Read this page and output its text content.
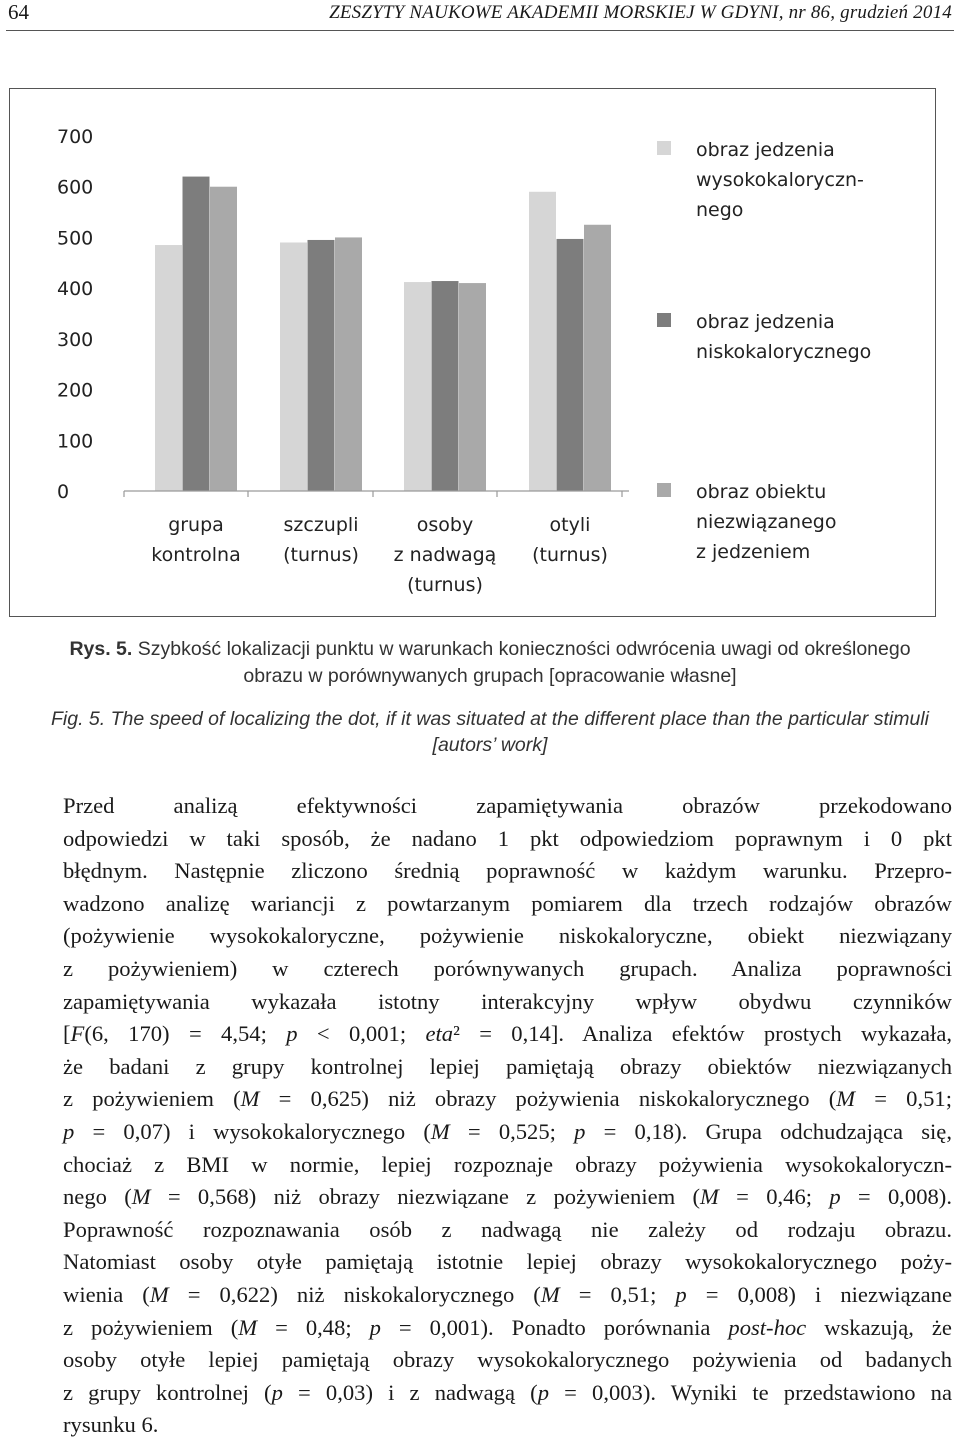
64	ZESZYTY NAUKOWE AKADEMII MORSKIEJ W GDYNI, nr 86, grudzień 2014
0
100
200
300
400
500
600
700
grupa
kontrolna
szczupli
(turnus)
osoby
z nadwagą
(turnus)
otyli
(turnus)
obraz jedzenia
wysokokaloryczn-
nego
obraz jedzenia
niskokalorycznego
obraz obiektu
niezwiązanego
z jedzeniem
Rys. 5. Szybkość lokalizacji punktu w warunkach konieczności odwrócenia uwagi od określonego obrazu w porównywanych grupach [opracowanie własne]
Fig. 5. The speed of localizing the dot, if it was situated at the different place than the particular stimuli [autors’ work]

Przed analizą efektywności zapamiętywania obrazów przekodowano
odpowiedzi w taki sposób, że nadano 1 pkt odpowiedziom poprawnym i 0 pkt
błędnym. Następnie zliczono średnią poprawność w każdym warunku. Przepro-
wadzono analizę wariancji z powtarzanym pomiarem dla trzech rodzajów obrazów
(pożywienie wysokokaloryczne, pożywienie niskokaloryczne, obiekt niezwiązany
z pożywieniem) w czterech porównywanych grupach. Analiza poprawności
zapamiętywania wykazała istotny interakcyjny wpływ obydwu czynników
[F(6, 170) = 4,54; p < 0,001; eta² = 0,14]. Analiza efektów prostych wykazała,
że badani z grupy kontrolnej lepiej pamiętają obrazy obiektów niezwiązanych
z pożywieniem (M = 0,625) niż obrazy pożywienia niskokalorycznego (M = 0,51;
p = 0,07) i wysokokalorycznego (M = 0,525; p = 0,18). Grupa odchudzająca się,
chociaż z BMI w normie, lepiej rozpoznaje obrazy pożywienia wysokokaloryczn-
nego (M = 0,568) niż obrazy niezwiązane z pożywieniem (M = 0,46; p = 0,008).
Poprawność rozpoznawania osób z nadwagą nie zależy od rodzaju obrazu.
Natomiast osoby otyłe pamiętają istotnie lepiej obrazy wysokokalorycznego poży-
wienia (M = 0,622) niż niskokalorycznego (M = 0,51; p = 0,008) i niezwiązane
z pożywieniem (M = 0,48; p = 0,001). Ponadto porównania post-hoc wskazują, że
osoby otyłe lepiej pamiętają obrazy wysokokalorycznego pożywienia od badanych
z grupy kontrolnej (p = 0,03) i z nadwagą (p = 0,003). Wyniki te przedstawiono na
rysunku 6.
